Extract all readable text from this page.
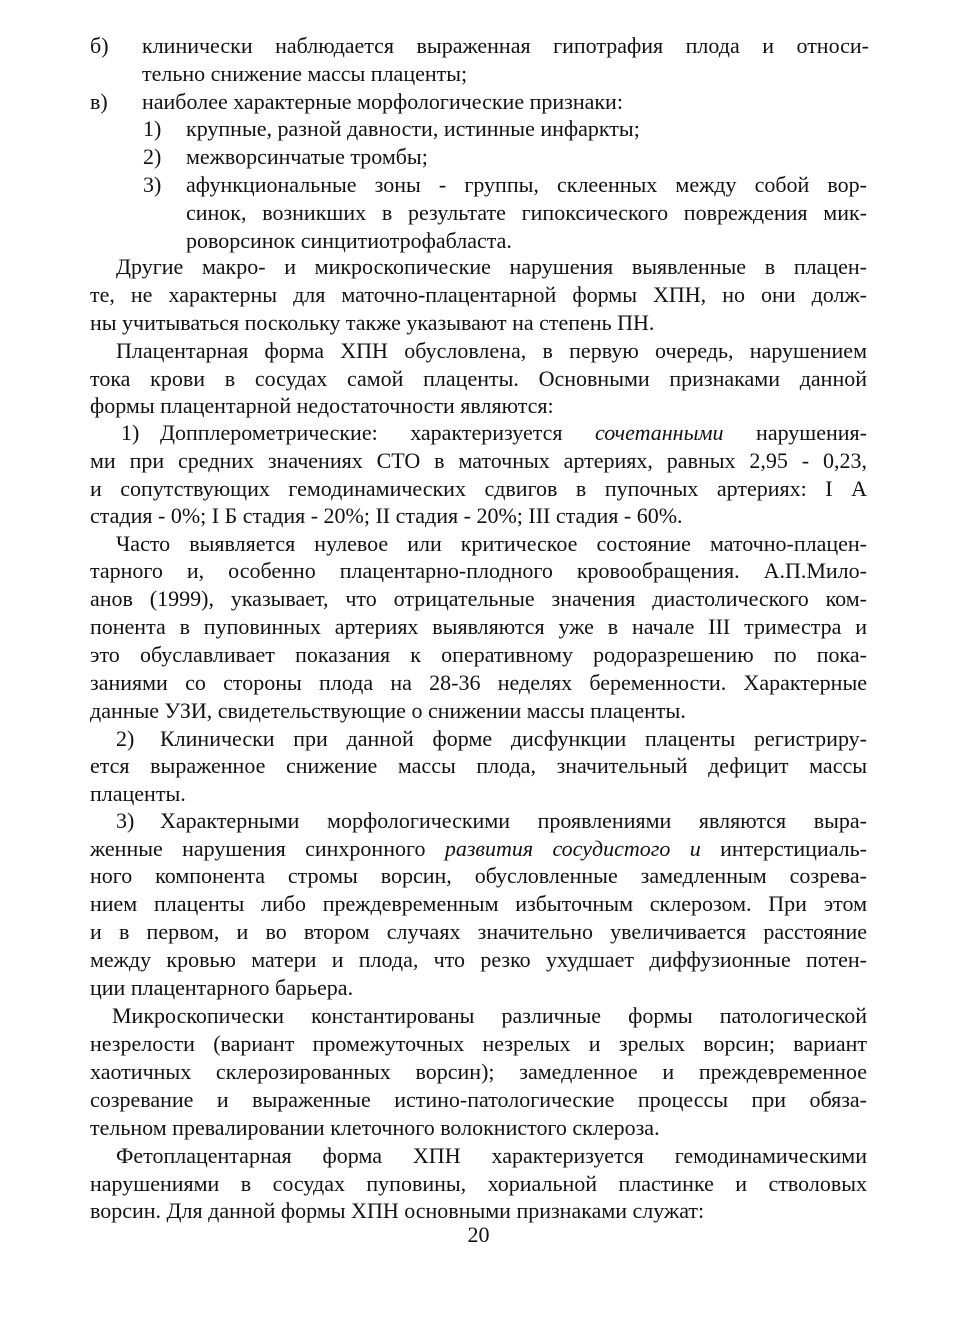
б) клинически наблюдается выраженная гипотрафия плода и относи-
тельно снижение массы плаценты;
в) наиболее характерные морфологические признаки:
1) крупные, разной давности, истинные инфаркты;
2) межворсинчатые тромбы;
3) афункциональные зоны - группы, склеенных между собой вор-
синок, возникших в результате гипоксического повреждения мик-
роворсинок синцитиотрофабласта.
Другие макро- и микроскопические нарушения выявленные в плацен-
те, не характерны для маточно-плацентарной формы ХПН, но они долж-
ны учитываться поскольку также указывают на степень ПН.
Плацентарная форма ХПН обусловлена, в первую очередь, нарушением
тока крови в сосудах самой плаценты. Основными признаками данной
формы плацентарной недостаточности являются:
1) Допплерометрические: характеризуется сочетанными нарушения-
ми при средних значениях СТО в маточных артериях, равных 2,95 - 0,23,
и сопутствующих гемодинамических сдвигов в пупочных артериях: I А
стадия - 0%; I Б стадия - 20%; II стадия - 20%; III стадия - 60%.
Часто выявляется нулевое или критическое состояние маточно-плацен-
тарного и, особенно плацентарно-плодного кровообращения. А.П.Мило-
анов (1999), указывает, что отрицательные значения диастолического ком-
понента в пуповинных артериях выявляются уже в начале III триместра и
это обуславливает показания к оперативному родоразрешению по пока-
заниями со стороны плода на 28-36 неделях беременности. Характерные
данные УЗИ, свидетельствующие о снижении массы плаценты.
2) Клинически при данной форме дисфункции плаценты регистриру-
ется выраженное снижение массы плода, значительный дефицит массы
плаценты.
3) Характерными морфологическими проявлениями являются выра-
женные нарушения синхронного развития сосудистого и интерстициаль-
ного компонента стромы ворсин, обусловленные замедленным созрева-
нием плаценты либо преждевременным избыточным склерозом. При этом
и в первом, и во втором случаях значительно увеличивается расстояние
между кровью матери и плода, что резко ухудшает диффузионные потен-
ции плацентарного барьера.
Микроскопически константированы различные формы патологической
незрелости (вариант промежуточных незрелых и зрелых ворсин; вариант
хаотичных склерозированных ворсин); замедленное и преждевременное
созревание и выраженные истино-патологические процессы при обяза-
тельном превалировании клеточного волокнистого склероза.
Фетоплацентарная форма ХПН характеризуется гемодинамическими
нарушениями в сосудах пуповины, хориальной пластинке и стволовых
ворсин. Для данной формы ХПН основными признаками служат:
20
